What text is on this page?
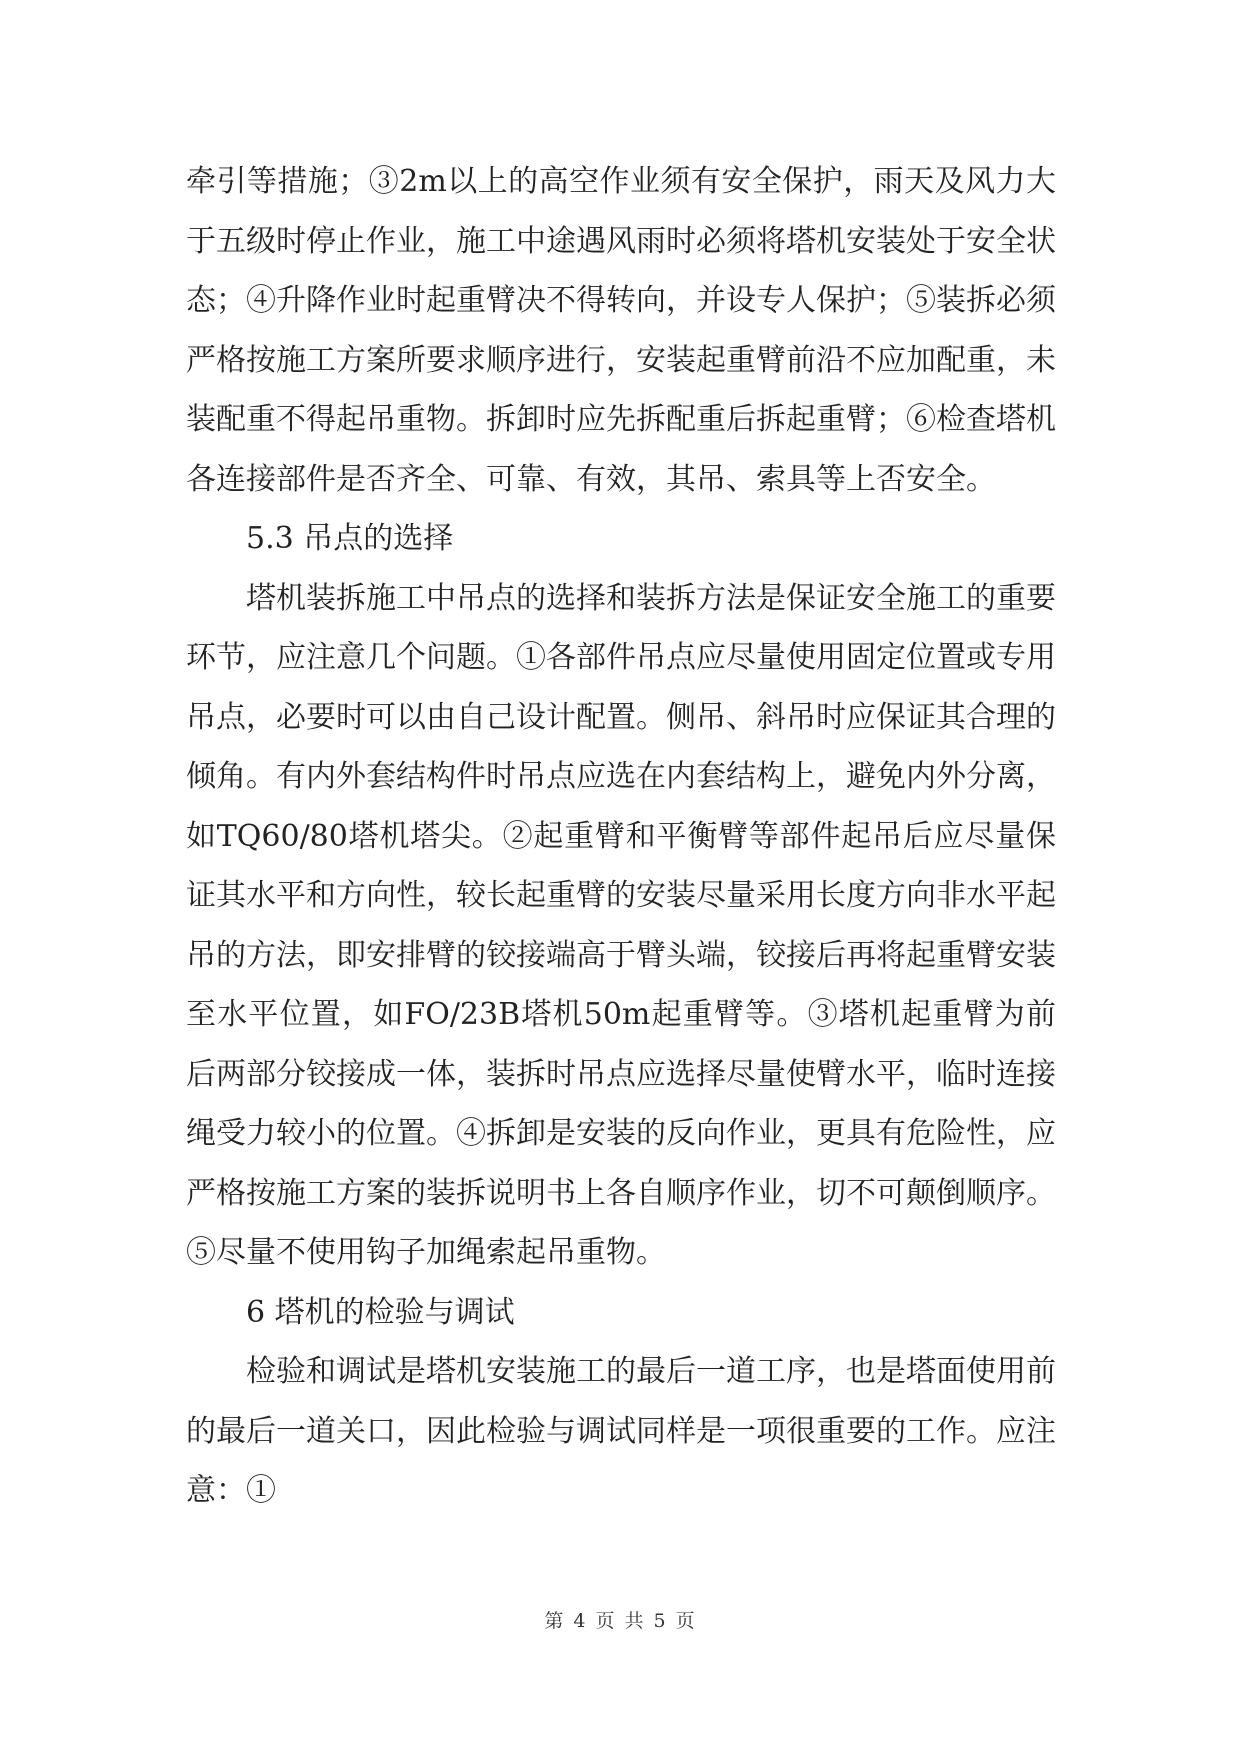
牵引等措施；③2m以上的高空作业须有安全保护，雨天及风力大于五级时停止作业，施工中途遇风雨时必须将塔机安装处于安全状态；④升降作业时起重臂决不得转向，并设专人保护；⑤装拆必须严格按施工方案所要求顺序进行，安装起重臂前沿不应加配重，未装配重不得起吊重物。拆卸时应先拆配重后拆起重臂；⑥检查塔机各连接部件是否齐全、可靠、有效，其吊、索具等上否安全。

5.3 吊点的选择

塔机装拆施工中吊点的选择和装拆方法是保证安全施工的重要环节，应注意几个问题。①各部件吊点应尽量使用固定位置或专用吊点，必要时可以由自己设计配置。侧吊、斜吊时应保证其合理的倾角。有内外套结构件时吊点应选在内套结构上，避免内外分离，如TQ60/80塔机塔尖。②起重臂和平衡臂等部件起吊后应尽量保证其水平和方向性，较长起重臂的安装尽量采用长度方向非水平起吊的方法，即安排臂的铰接端高于臂头端，铰接后再将起重臂安装至水平位置，如FO/23B塔机50m起重臂等。③塔机起重臂为前后两部分铰接成一体，装拆时吊点应选择尽量使臂水平，临时连接绳受力较小的位置。④拆卸是安装的反向作业，更具有危险性，应严格按施工方案的装拆说明书上各自顺序作业，切不可颠倒顺序。⑤尽量不使用钩子加绳索起吊重物。

6 塔机的检验与调试

检验和调试是塔机安装施工的最后一道工序，也是塔面使用前的最后一道关口，因此检验与调试同样是一项很重要的工作。应注意：①

第 4 页 共 5 页
